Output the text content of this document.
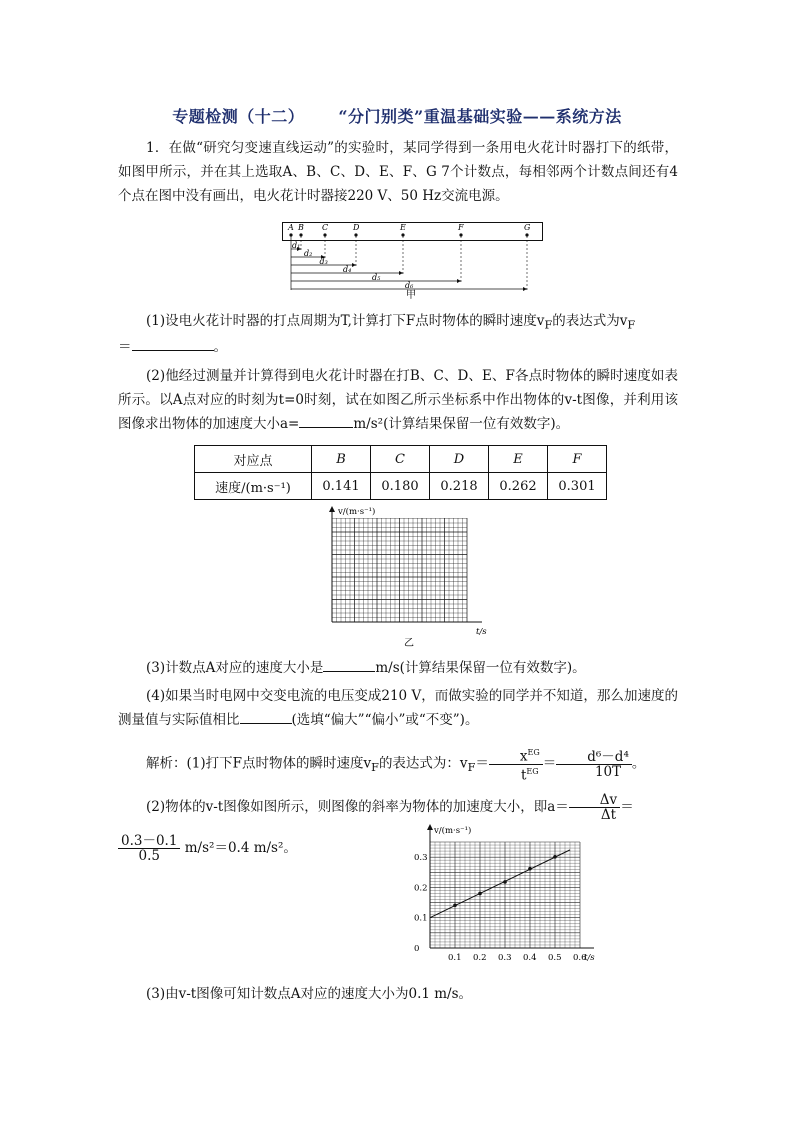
专题检测（十二） “分门别类”重温基础实验——系统方法
1．在做“研究匀变速直线运动”的实验时，某同学得到一条用电火花计时器打下的纸带，如图甲所示，并在其上选取A、B、C、D、E、F、G 7个计数点，每相邻两个计数点间还有4个点在图中没有画出，电火花计时器接220 V、50 Hz交流电源。
A B C	D	E	F	G
d₁
d₂
d₃
d₄
d₅
d₆
甲
(1)设电火花计时器的打点周期为T,计算打下F点时物体的瞬时速度$v_F$的表达式为$v_F$
＝	。
(2)他经过测量并计算得到电火花计时器在打B、C、D、E、F各点时物体的瞬时速度如表所示。以A点对应的时刻为t=0时刻，试在如图乙所示坐标系中作出物体的v-t图像，并利用该图像求出物体的加速度大小a=	m/s²(计算结果保留一位有效数字)。
对应点	B	C	D	E	F
速度/(m·s⁻¹)	0.141	0.180	0.218	0.262	0.301
v/(m·s⁻¹)
t/s
乙
(3)计数点A对应的速度大小是	m/s(计算结果保留一位有效数字)。
(4)如果当时电网中交变电流的电压变成210 V，而做实验的同学并不知道，那么加速度的测量值与实际值相比	(选填“偏大”“偏小”或“不变”)。
解析：(1)打下F点时物体的瞬时速度$v_F$的表达式为：$v_F= \frac{x^{EG}}{t^{EG}} = \frac{\text{d⁶－d⁴}}{10T}$ 。
(2)物体的v-t图像如图所示，则图像的斜率为物体的加速度大小，即$a= \frac{\Delta v}{\Delta t}$ ＝
$\frac{0.3-0.1}{0.5} m/s^2=0.4$ m/s²。
0.1 0.2 0.3 0.4 0.5 0.6
0
0.1
0.2
0.3
v/(m·s⁻¹)
t/s
(3)由v-t图像可知计数点A对应的速度大小为0.1 m/s。
